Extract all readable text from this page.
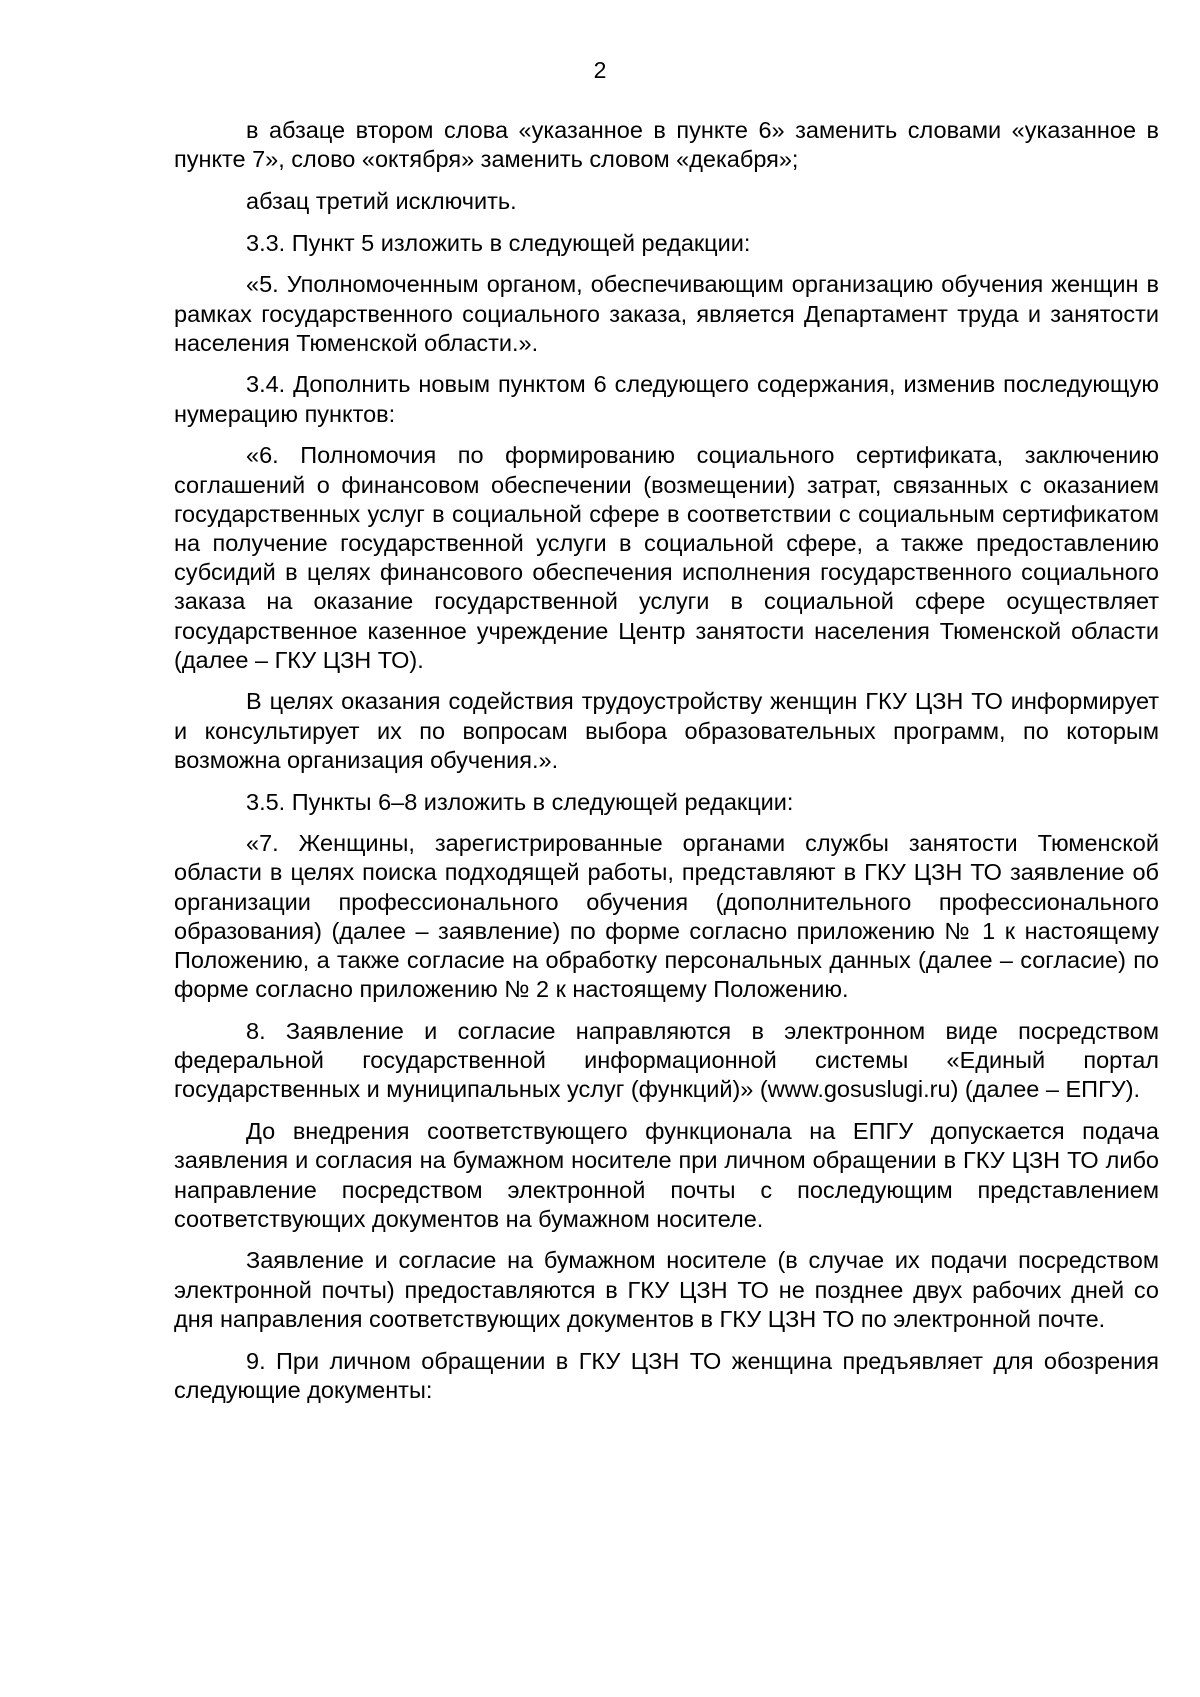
2

в абзаце втором слова «указанное в пункте 6» заменить словами «указанное в пункте 7», слово «октября» заменить словом «декабря»;

абзац третий исключить.

3.3. Пункт 5 изложить в следующей редакции:

«5. Уполномоченным органом, обеспечивающим организацию обучения женщин в рамках государственного социального заказа, является Департамент труда и занятости населения Тюменской области.».

3.4. Дополнить новым пунктом 6 следующего содержания, изменив последующую нумерацию пунктов:

«6. Полномочия по формированию социального сертификата, заключению соглашений о финансовом обеспечении (возмещении) затрат, связанных с оказанием государственных услуг в социальной сфере в соответствии с социальным сертификатом на получение государственной услуги в социальной сфере, а также предоставлению субсидий в целях финансового обеспечения исполнения государственного социального заказа на оказание государственной услуги в социальной сфере осуществляет государственное казенное учреждение Центр занятости населения Тюменской области (далее – ГКУ ЦЗН ТО).

В целях оказания содействия трудоустройству женщин ГКУ ЦЗН ТО информирует и консультирует их по вопросам выбора образовательных программ, по которым возможна организация обучения.».

3.5. Пункты 6–8 изложить в следующей редакции:

«7. Женщины, зарегистрированные органами службы занятости Тюменской области в целях поиска подходящей работы, представляют в ГКУ ЦЗН ТО заявление об организации профессионального обучения (дополнительного профессионального образования) (далее – заявление) по форме согласно приложению № 1 к настоящему Положению, а также согласие на обработку персональных данных (далее – согласие) по форме согласно приложению № 2 к настоящему Положению.

8. Заявление и согласие направляются в электронном виде посредством федеральной государственной информационной системы «Единый портал государственных и муниципальных услуг (функций)» (www.gosuslugi.ru) (далее – ЕПГУ).

До внедрения соответствующего функционала на ЕПГУ допускается подача заявления и согласия на бумажном носителе при личном обращении в ГКУ ЦЗН ТО либо направление посредством электронной почты с последующим представлением соответствующих документов на бумажном носителе.

Заявление и согласие на бумажном носителе (в случае их подачи посредством электронной почты) предоставляются в ГКУ ЦЗН ТО не позднее двух рабочих дней со дня направления соответствующих документов в ГКУ ЦЗН ТО по электронной почте.

9. При личном обращении в ГКУ ЦЗН ТО женщина предъявляет для обозрения следующие документы:
